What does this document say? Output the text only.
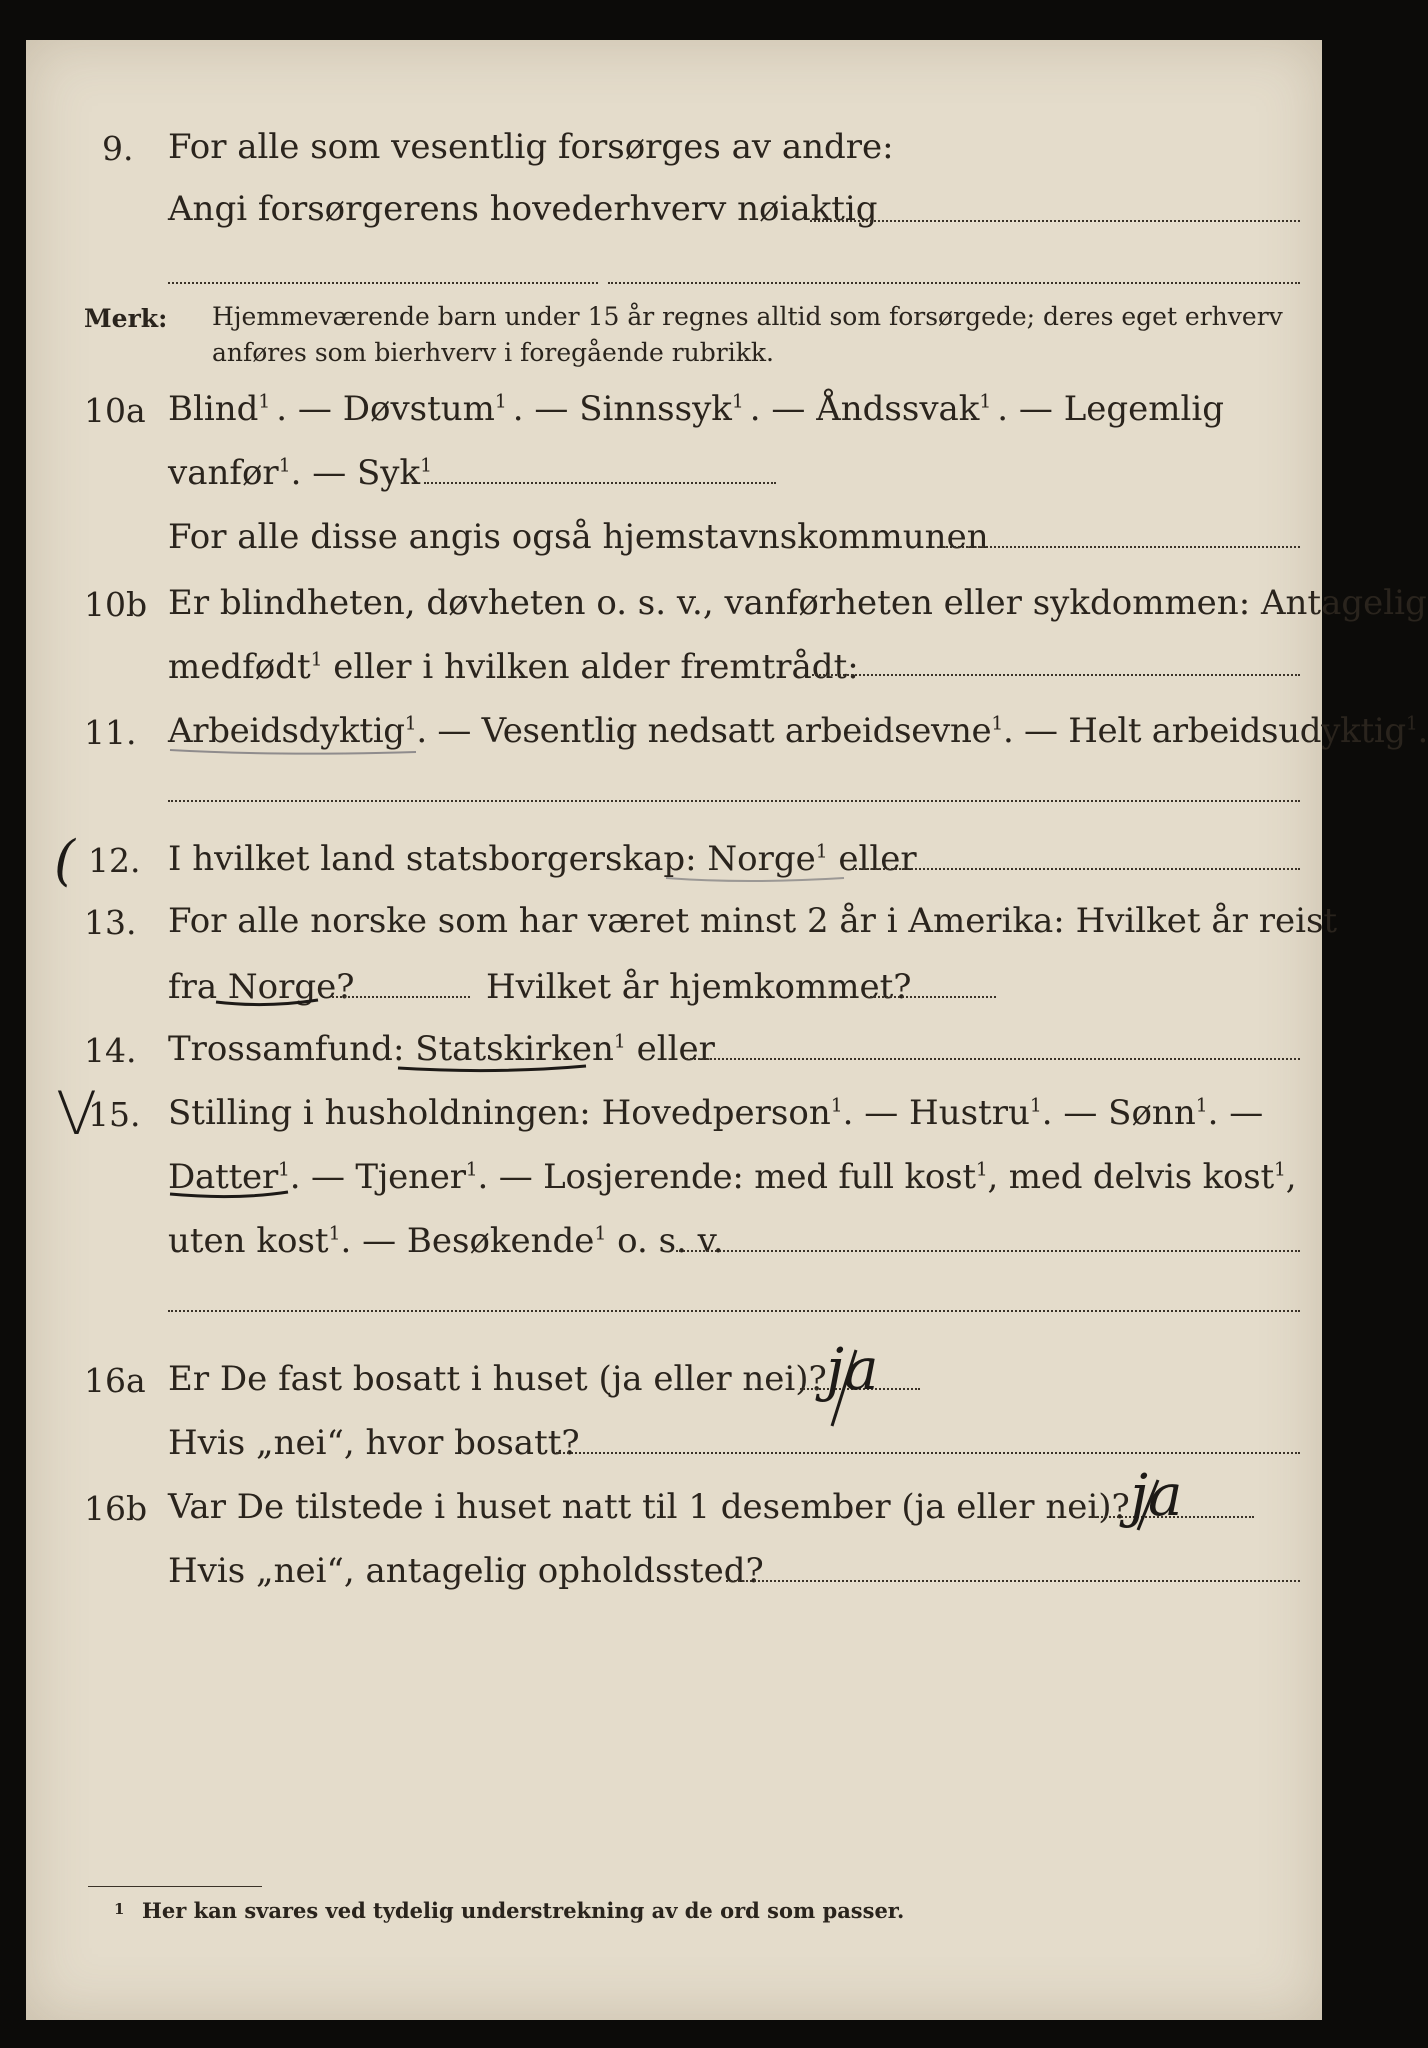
9. For alle som vesentlig forsørges av andre:
Angi forsørgerens hovederhverv nøiaktig
Merk: Hjemmeværende barn under 15 år regnes alltid som forsørgede; deres eget erhverv
anføres som bierhverv i foregående rubrikk.
10a Blind$^1$ . — Døvstum$^1$ . — Sinnssyk$^1$ . — Åndssvak$^1$ . — Legemlig
vanfør$^1$. — Syk$^1$
For alle disse angis også hjemstavnskommunen
10b Er blindheten, døvheten o. s. v., vanførheten eller sykdommen: Antagelig
medfødt$^1$ eller i hvilken alder fremtrådt:
11. Arbeidsdyktig$^1$. — Vesentlig nedsatt arbeidsevne$^1$. — Helt arbeidsudyktig$^1$.
( 12. I hvilket land statsborgerskap: Norge$^1$ eller
13. For alle norske som har været minst 2 år i Amerika: Hvilket år reist
fra Norge?	Hvilket år hjemkommet?
14. Trossamfund: Statskirken$^1$ eller
V
15. Stilling i husholdningen: Hovedperson$^1$. — Hustru$^1$. — Sønn$^1$. —
Datter$^1$. — Tjener$^1$. — Losjerende: med full kost$^1$, med delvis kost$^1$,
uten kost$^1$. — Besøkende$^1$ o. s. v.
16a Er De fast bosatt i huset (ja eller nei)? ja
Hvis „nei“, hvor bosatt?
16b Var De tilstede i huset natt til 1 desember (ja eller nei)? ja
Hvis „nei“, antagelig opholdssted?
1 Her kan svares ved tydelig understrekning av de ord som passer.
